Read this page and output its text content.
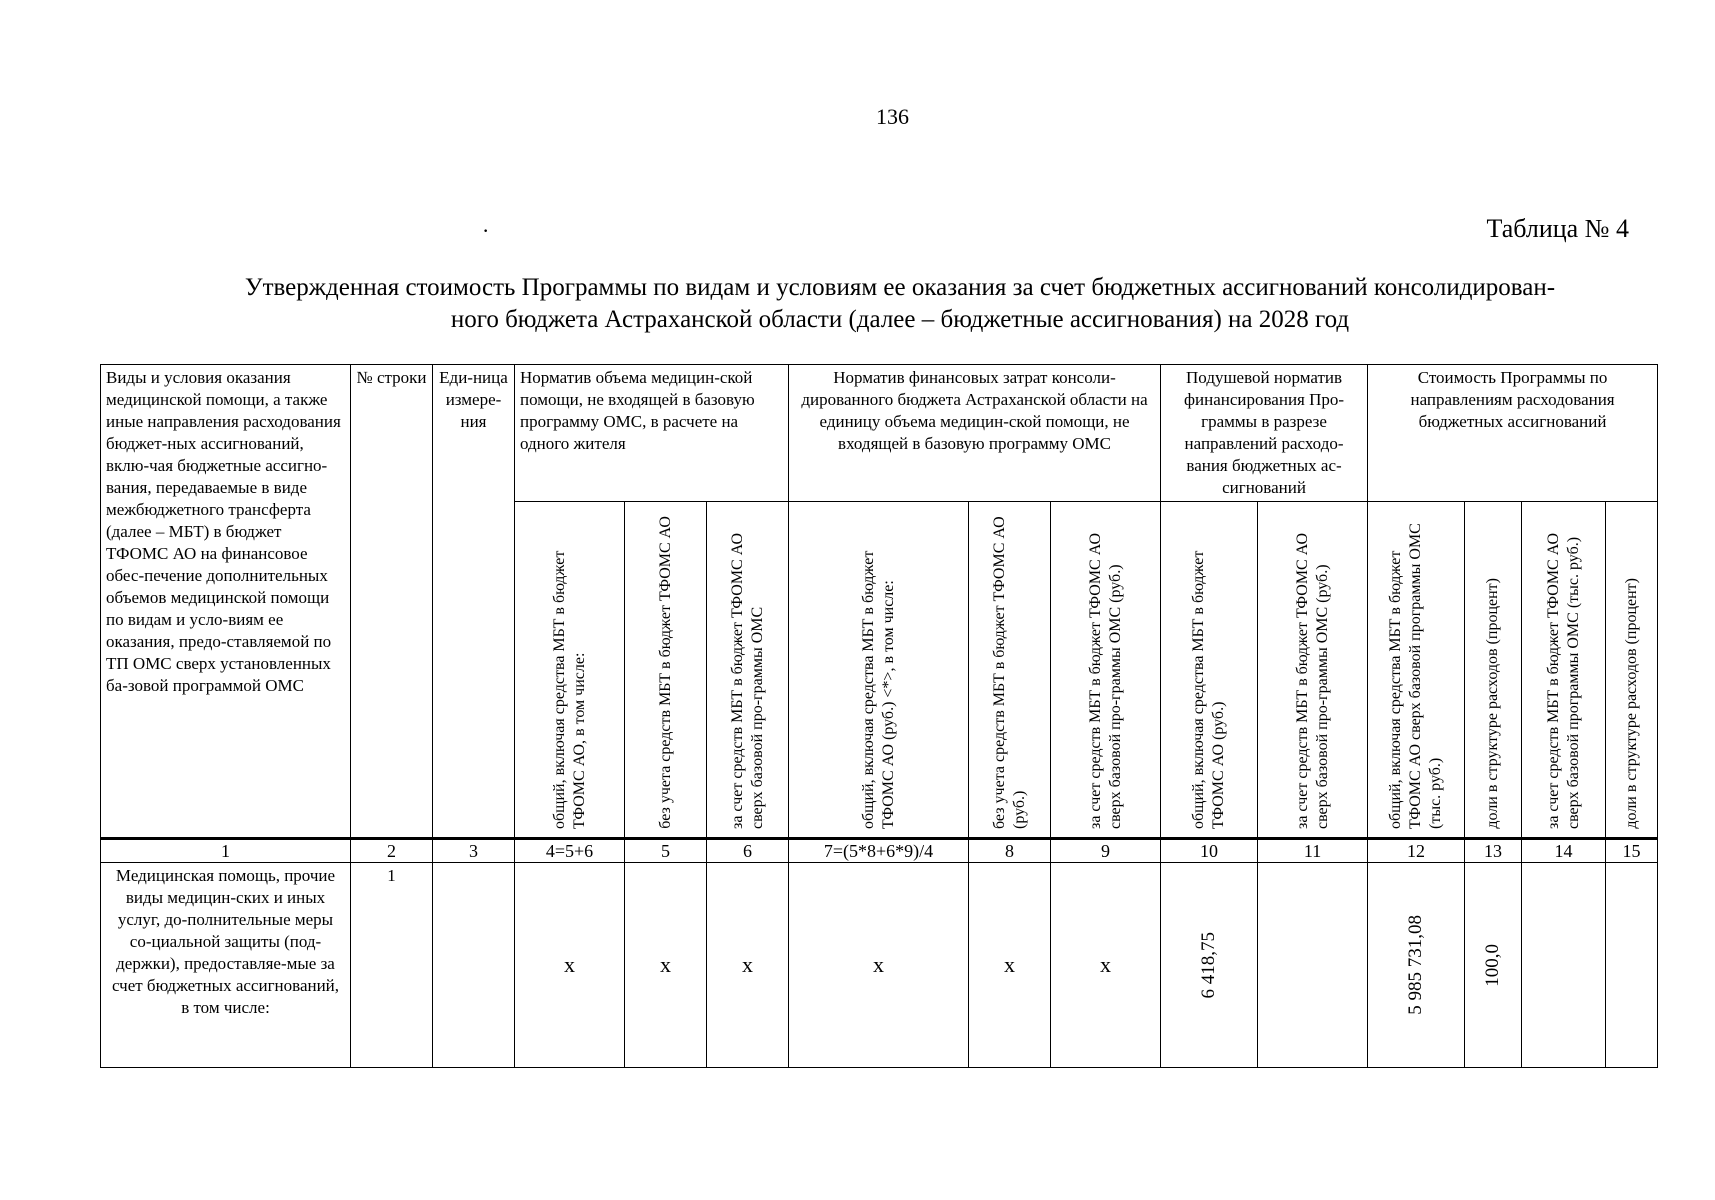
136
·	Таблица № 4
Утвержденная стоимость Программы по видам и условиям ее оказания за счет бюджетных ассигнований консолидирован-
ного бюджета Астраханской области (далее – бюджетные ассигнования) на 2028 год
Виды и условия оказания медицинской помощи, а также иные направления расходования бюджет-ных ассигнований, вклю-чая бюджетные ассигно-вания, передаваемые в виде межбюджетного трансферта (далее – МБТ) в бюджет ТФОМС АО на финансовое обес-печение дополнительных объемов медицинской помощи по видам и усло-виям ее оказания, предо-ставляемой по ТП ОМС сверх установленных ба-зовой программой ОМС	№ строки	Еди-ница измере-ния	Норматив объема медицин-ской помощи, не входящей в базовую программу ОМС, в расчете на одного жителя			Норматив финансовых затрат консоли-дированного бюджета Астраханской области на единицу объема медицин-ской помощи, не входящей в базовую программу ОМС			Подушевой норматив финансирования Про-граммы в разрезе направлений расходо-вания бюджетных ас-сигнований		Стоимость Программы по направлениям расходования бюджетных ассигнований			

			общий, включая средства МБТ в бюджет ТФОМС АО, в том числе:	без учета средств МБТ в бюджет ТФОМС АО	за счет средств МБТ в бюджет ТФОМС АО сверх базовой про-граммы ОМС	общий, включая средства МБТ в бюджет ТФОМС АО (руб.) <*>, в том числе:	без учета средств МБТ в бюджет ТФОМС АО (руб.)	за счет средств МБТ в бюджет ТФОМС АО сверх базовой про-граммы ОМС (руб.)	общий, включая средства МБТ в бюджет ТФОМС АО (руб.)	за счет средств МБТ в бюджет ТФОМС АО сверх базовой про-граммы ОМС (руб.)	общий, включая средства МБТ в бюджет ТФОМС АО сверх базовой программы ОМС (тыс. руб.)	доли в структуре расходов (процент)	за счет средств МБТ в бюджет ТФОМС АО сверх базовой программы ОМС (тыс. руб.)	доли в структуре расходов (процент)

1	2	3	4=5+6	5	6	7=(5*8+6*9)/4	8	9	10	11	12	13	14	15
Медицинская помощь, прочие виды медицин-ских и иных услуг, до-полнительные меры со-циальной защиты (под-держки), предоставляе-мые за счет бюджетных ассигнований, в том числе:	1		х	х	х	х	х	х	6 418,75		5 985 731,08	100,0		
